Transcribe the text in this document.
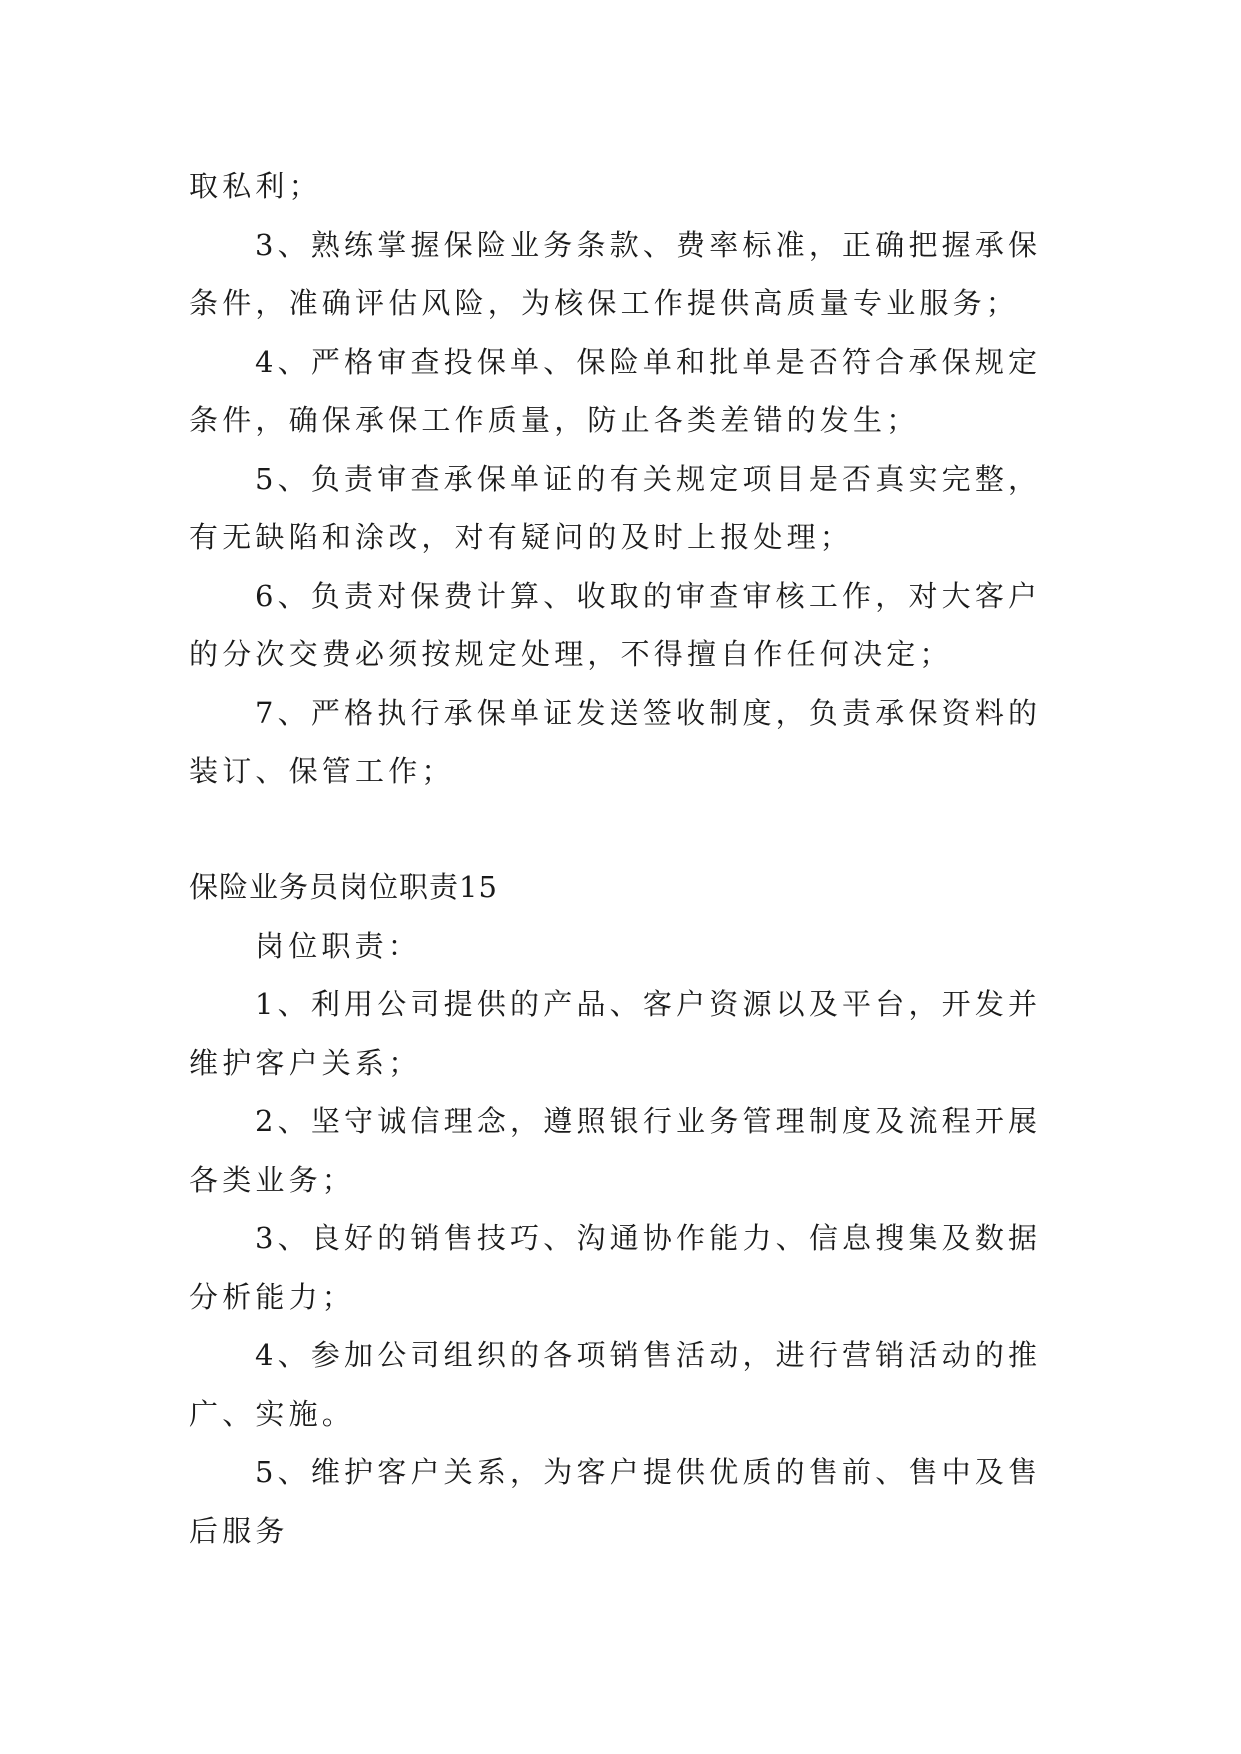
取私利；

3、熟练掌握保险业务条款、费率标准，正确把握承保

条件，准确评估风险，为核保工作提供高质量专业服务；

4、严格审查投保单、保险单和批单是否符合承保规定

条件，确保承保工作质量，防止各类差错的发生；

5、负责审查承保单证的有关规定项目是否真实完整，

有无缺陷和涂改，对有疑问的及时上报处理；

6、负责对保费计算、收取的审查审核工作，对大客户

的分次交费必须按规定处理，不得擅自作任何决定；

7、严格执行承保单证发送签收制度，负责承保资料的

装订、保管工作；

保险业务员岗位职责15

岗位职责：

1、利用公司提供的产品、客户资源以及平台，开发并

维护客户关系；

2、坚守诚信理念，遵照银行业务管理制度及流程开展

各类业务；

3、良好的销售技巧、沟通协作能力、信息搜集及数据

分析能力；

4、参加公司组织的各项销售活动，进行营销活动的推

广、实施。

5、维护客户关系，为客户提供优质的售前、售中及售

后服务
